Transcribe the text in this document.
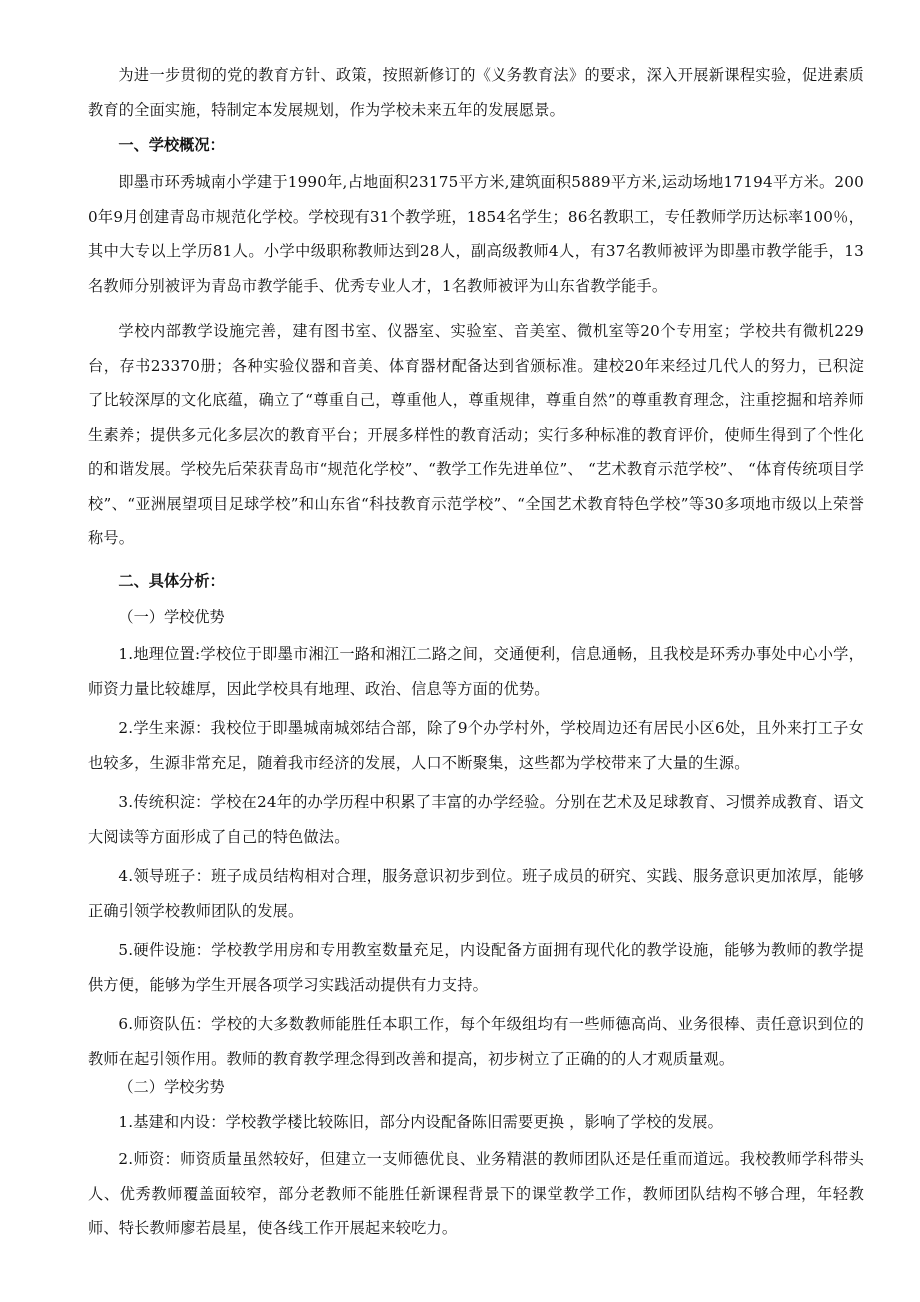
为进一步贯彻的党的教育方针、政策，按照新修订的《义务教育法》的要求，深入开展新课程实验，促进素质教育的全面实施，特制定本发展规划，作为学校未来五年的发展愿景。

一、学校概况：

即墨市环秀城南小学建于1990年,占地面积23175平方米,建筑面积5889平方米,运动场地17194平方米。2000年9月创建青岛市规范化学校。学校现有31个教学班，1854名学生；86名教职工，专任教师学历达标率100％，其中大专以上学历81人。小学中级职称教师达到28人，副高级教师4人，有37名教师被评为即墨市教学能手，13名教师分别被评为青岛市教学能手、优秀专业人才，1名教师被评为山东省教学能手。

学校内部教学设施完善，建有图书室、仪器室、实验室、音美室、微机室等20个专用室；学校共有微机229台，存书23370册；各种实验仪器和音美、体育器材配备达到省颁标准。建校20年来经过几代人的努力，已积淀了比较深厚的文化底蕴，确立了“尊重自己，尊重他人，尊重规律，尊重自然”的尊重教育理念，注重挖掘和培养师生素养；提供多元化多层次的教育平台；开展多样性的教育活动；实行多种标准的教育评价，使师生得到了个性化的和谐发展。学校先后荣获青岛市“规范化学校”、“教学工作先进单位”、 “艺术教育示范学校”、 “体育传统项目学校”、“亚洲展望项目足球学校”和山东省“科技教育示范学校”、“全国艺术教育特色学校”等30多项地市级以上荣誉称号。

二、具体分析：

（一）学校优势

1.地理位置:学校位于即墨市湘江一路和湘江二路之间，交通便利，信息通畅，且我校是环秀办事处中心小学，师资力量比较雄厚，因此学校具有地理、政治、信息等方面的优势。

2.学生来源：我校位于即墨城南城郊结合部，除了9个办学村外，学校周边还有居民小区6处，且外来打工子女也较多，生源非常充足，随着我市经济的发展，人口不断聚集，这些都为学校带来了大量的生源。

3.传统积淀：学校在24年的办学历程中积累了丰富的办学经验。分别在艺术及足球教育、习惯养成教育、语文大阅读等方面形成了自己的特色做法。

4.领导班子：班子成员结构相对合理，服务意识初步到位。班子成员的研究、实践、服务意识更加浓厚，能够正确引领学校教师团队的发展。

5.硬件设施：学校教学用房和专用教室数量充足，内设配备方面拥有现代化的教学设施，能够为教师的教学提供方便，能够为学生开展各项学习实践活动提供有力支持。

6.师资队伍：学校的大多数教师能胜任本职工作，每个年级组均有一些师德高尚、业务很棒、责任意识到位的教师在起引领作用。教师的教育教学理念得到改善和提高，初步树立了正确的的人才观质量观。

（二）学校劣势

1.基建和内设：学校教学楼比较陈旧，部分内设配备陈旧需要更换 ，影响了学校的发展。

2.师资：师资质量虽然较好，但建立一支师德优良、业务精湛的教师团队还是任重而道远。我校教师学科带头人、优秀教师覆盖面较窄，部分老教师不能胜任新课程背景下的课堂教学工作，教师团队结构不够合理，年轻教师、特长教师廖若晨星，使各线工作开展起来较吃力。
